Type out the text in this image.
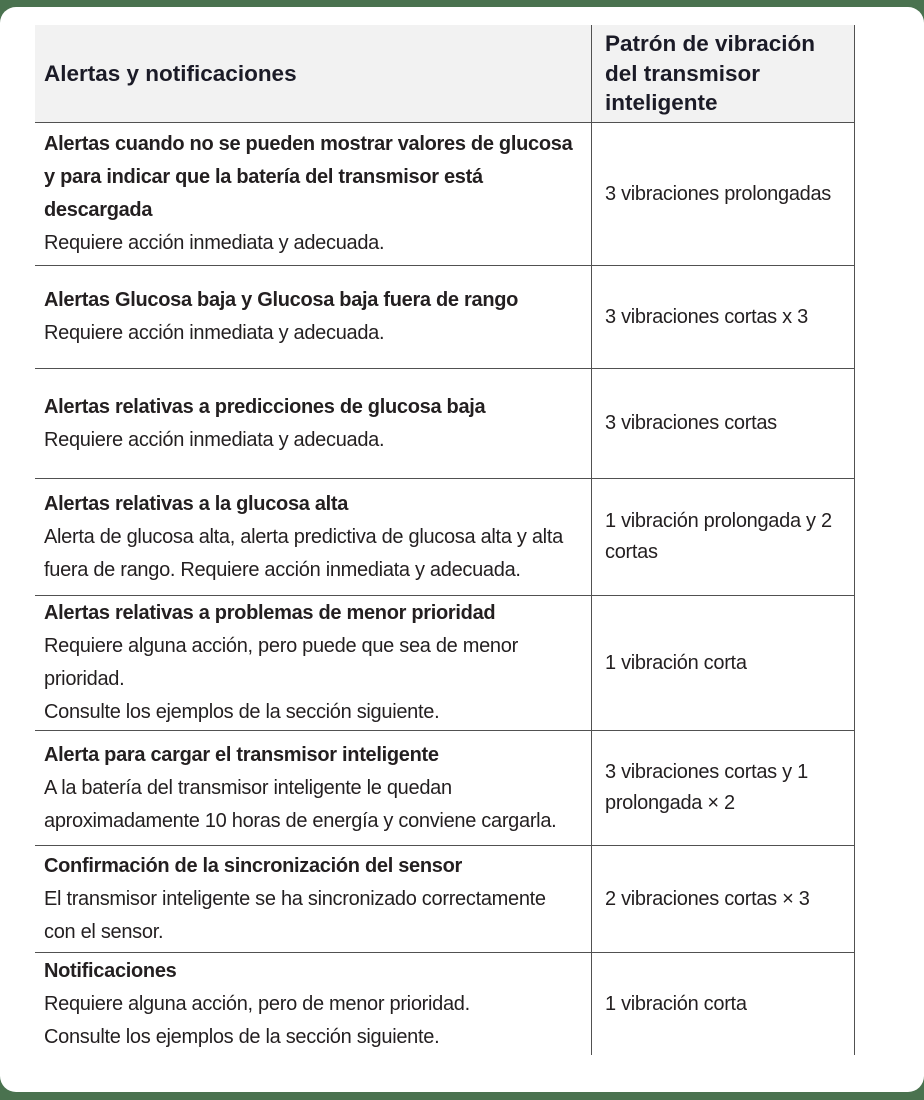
Alertas y notificaciones
Patrón de vibración del transmisor inteligente
Alertas cuando no se pueden mostrar valores de glucosa y para indicar que la batería del transmisor está descargada
Requiere acción inmediata y adecuada.
3 vibraciones prolongadas
Alertas Glucosa baja y Glucosa baja fuera de rango
Requiere acción inmediata y adecuada.
3 vibraciones cortas x 3
Alertas relativas a predicciones de glucosa baja
Requiere acción inmediata y adecuada.
3 vibraciones cortas
Alertas relativas a la glucosa alta
Alerta de glucosa alta, alerta predictiva de glucosa alta y alta fuera de rango. Requiere acción inmediata y adecuada.
1 vibración prolongada y 2 cortas
Alertas relativas a problemas de menor prioridad
Requiere alguna acción, pero puede que sea de menor prioridad.
Consulte los ejemplos de la sección siguiente.
1 vibración corta
Alerta para cargar el transmisor inteligente
A la batería del transmisor inteligente le quedan aproximadamente 10 horas de energía y conviene cargarla.
3 vibraciones cortas y 1 prolongada × 2
Confirmación de la sincronización del sensor
El transmisor inteligente se ha sincronizado correctamente con el sensor.
2 vibraciones cortas × 3
Notificaciones
Requiere alguna acción, pero de menor prioridad.
Consulte los ejemplos de la sección siguiente.
1 vibración corta
